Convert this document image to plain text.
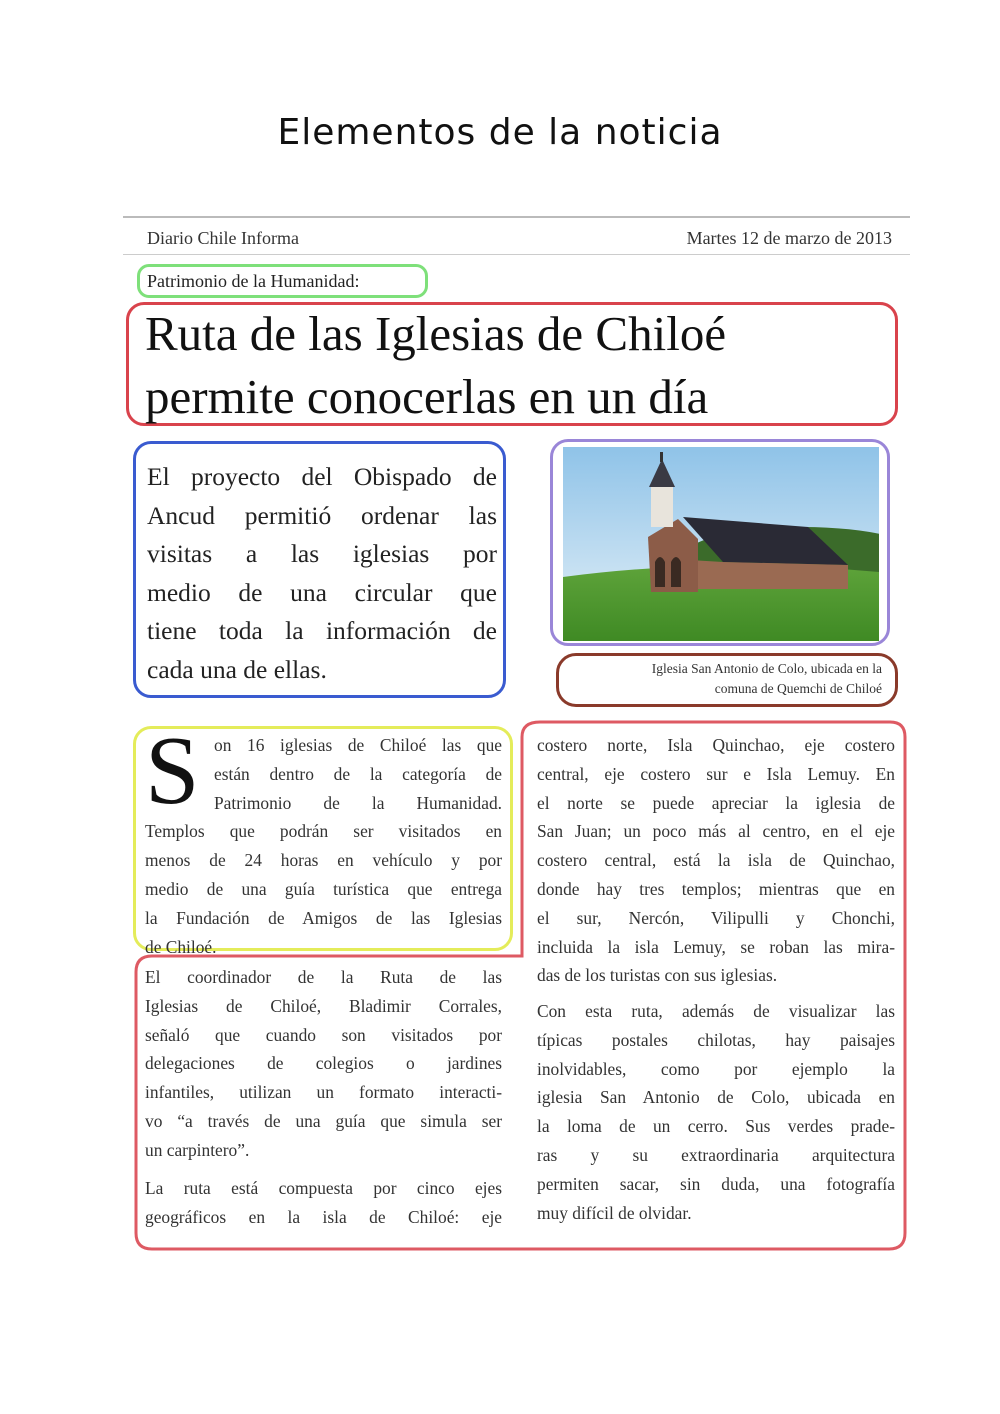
Elementos de la noticia
Diario Chile Informa	Martes 12 de marzo de 2013
Patrimonio de la Humanidad:
Ruta de las Iglesias de Chiloé
permite conocerlas en un día
El proyecto del Obispado de
Ancud permitió ordenar las
visitas a las iglesias por
medio de una circular que
tiene toda la información de
cada una de ellas.	Iglesia San Antonio de Colo, ubicada en la
comuna de Quemchi de Chiloé
S on 16 iglesias de Chiloé las que
están dentro de la categoría de
Patrimonio de la Humanidad.
Templos que podrán ser visitados en
menos de 24 horas en vehículo y por
medio de una guía turística que entrega
la Fundación de Amigos de las Iglesias
de Chiloé.
El coordinador de la Ruta de las
Iglesias de Chiloé, Bladimir Corrales,
señaló que cuando son visitados por
delegaciones de colegios o jardines
infantiles, utilizan un formato interacti-
vo “a través de una guía que simula ser
un carpintero”.
La ruta está compuesta por cinco ejes
geográficos en la isla de Chiloé: eje
costero norte, Isla Quinchao, eje costero
central, eje costero sur e Isla Lemuy. En
el norte se puede apreciar la iglesia de
San Juan; un poco más al centro, en el eje
costero central, está la isla de Quinchao,
donde hay tres templos; mientras que en
el sur, Nercón, Vilipulli y Chonchi,
incluida la isla Lemuy, se roban las mira-
das de los turistas con sus iglesias.
Con esta ruta, además de visualizar las
típicas postales chilotas, hay paisajes
inolvidables, como por ejemplo la
iglesia San Antonio de Colo, ubicada en
la loma de un cerro. Sus verdes prade-
ras y su extraordinaria arquitectura
permiten sacar, sin duda, una fotografía
muy difícil de olvidar.
